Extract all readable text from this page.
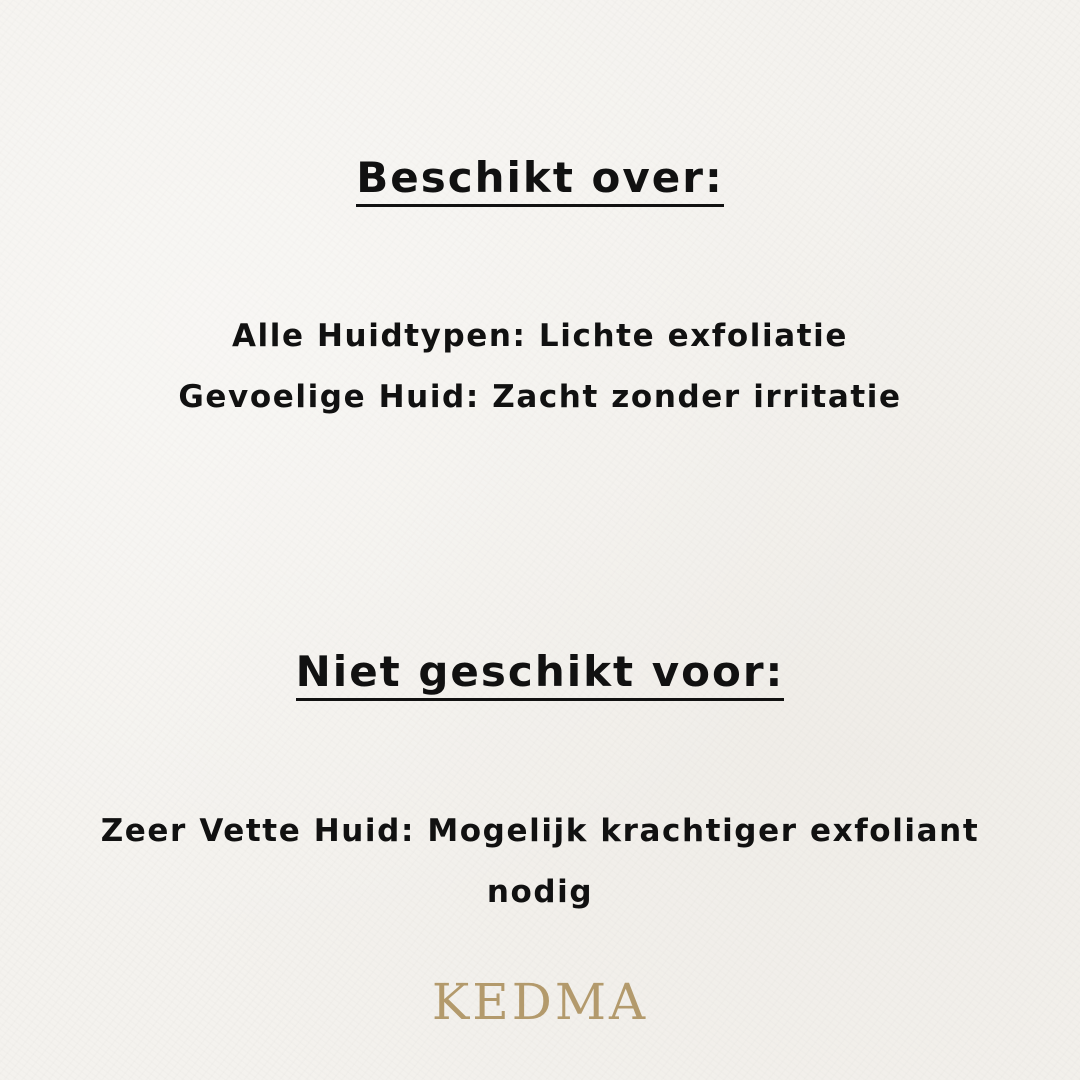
Beschikt over:
Alle Huidtypen: Lichte exfoliatie
Gevoelige Huid: Zacht zonder irritatie
Niet geschikt voor:
Zeer Vette Huid: Mogelijk krachtiger exfoliant
nodig
KEDMA
